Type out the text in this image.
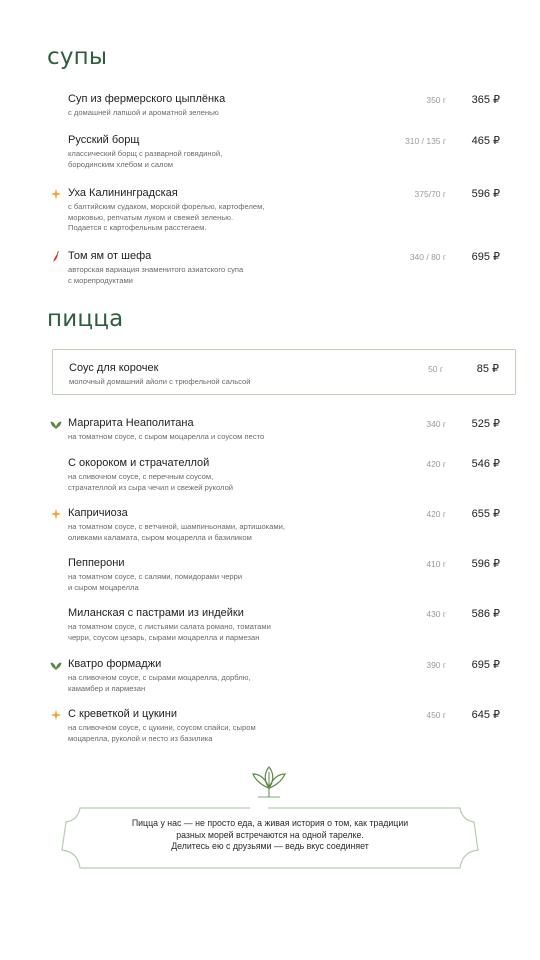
супы
Суп из фермерского цыплёнка
с домашней лапшой и ароматной зеленью
350 г 365 ₽
Русский борщ
классический борщ с разварной говядиной,
бородинским хлебом и салом
310 / 135 г 465 ₽
Уха Калининградская
с балтийским судаком, морской форелью, картофелем,
морковью, репчатым луком и свежей зеленью.
Подается с картофельным расстегаем.
375/70 г 596 ₽
Том ям от шефа
авторская вариация знаменитого азиатского супа
с морепродуктами
340 / 80 г 695 ₽
пицца
Соус для корочек
молочный домашний айоли с трюфельной сальсой
50 г	85 ₽
Маргарита Неаполитана
на томатном соусе, с сыром моцарелла и соусом песто
340 г 525 ₽
С окороком и страчателлой
на сливочном соусе, с перечным соусом,
страчателлой из сыра чечил и свежей руколой
420 г 546 ₽
Капричиоза
на томатном соусе, с ветчиной, шампиньонами, артишоками,
оливками каламата, сыром моцарелла и базиликом
420 г 655 ₽
Пепперони
на томатном соусе, с салями, помидорами черри
и сыром моцарелла
410 г 596 ₽
Миланская с пастрами из индейки
на томатном соусе, с листьями салата романо, томатами
черри, соусом цезарь, сырами моцарелла и пармезан
430 г 586 ₽
Кватро формаджи
на сливочном соусе, с сырами моцарелла, дорблю,
камамбер и пармезан
390 г 695 ₽
С креветкой и цукини
на сливочном соусе, с цукини, соусом спайси, сыром
моцарелла, руколой и песто из базилика
450 г 645 ₽
Пицца у нас — не просто еда, а живая история о том, как традиции
разных морей встречаются на одной тарелке.
Делитесь ею с друзьями — ведь вкус соединяет
